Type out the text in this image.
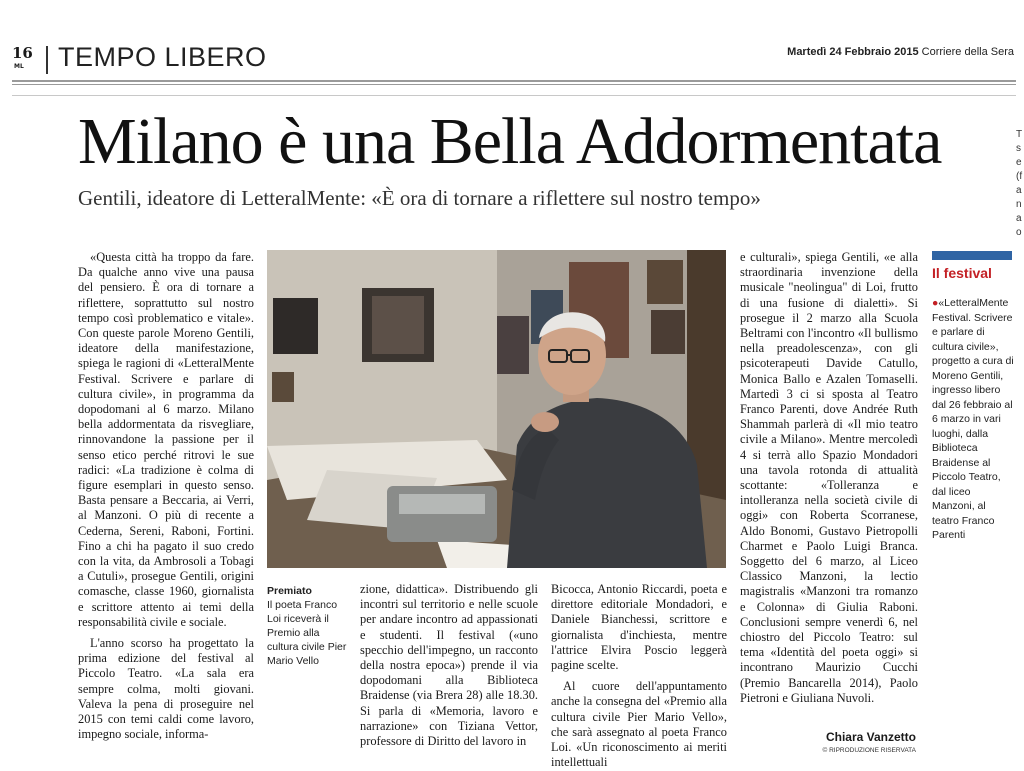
16
ML TEMPO LIBERO	Martedì 24 Febbraio 2015 Corriere della Sera
Milano è una Bella Addormentata
Gentili, ideatore di LetteralMente: «È ora di tornare a riflettere sul nostro tempo»

«Questa città ha troppo da fare. Da qualche anno vive una pausa del pensiero. È ora di tornare a riflettere, soprattutto sul nostro tempo così problematico e vitale». Con queste parole Moreno Gentili, ideatore della manifestazione, spiega le ragioni di «LetteralMente Festival. Scrivere e parlare di cultura civile», in programma da dopodomani al 6 marzo. Milano bella addormentata da risvegliare, rinnovandone la passione per il senso etico perché ritrovi le sue radici: «La tradizione è colma di figure esemplari in questo senso. Basta pensare a Beccaria, ai Verri, al Manzoni. O più di recente a Cederna, Sereni, Raboni, Fortini. Fino a chi ha pagato il suo credo con la vita, da Ambrosoli a Tobagi a Cutuli», prosegue Gentili, origini comasche, classe 1960, giornalista e scrittore attento ai temi della responsabilità civile e sociale.

L'anno scorso ha progettato la prima edizione del festival al Piccolo Teatro. «La sala era sempre colma, molti giovani. Valeva la pena di proseguire nel 2015 con temi caldi come lavoro, impegno sociale, informa-

Premiato
Il poeta Franco Loi riceverà il Premio alla cultura civile Pier Mario Vello

zione, didattica». Distribuendo gli incontri sul territorio e nelle scuole per andare incontro ad appassionati e studenti. Il festival («uno specchio dell'impegno, un racconto della nostra epoca») prende il via dopodomani alla Biblioteca Braidense (via Brera 28) alle 18.30. Si parla di «Memoria, lavoro e narrazione» con Tiziana Vettor, professore di Diritto del lavoro in

Bicocca, Antonio Riccardi, poeta e direttore editoriale Mondadori, e Daniele Bianchessi, scrittore e giornalista d'inchiesta, mentre l'attrice Elvira Poscio leggerà pagine scelte.

Al cuore dell'appuntamento anche la consegna del «Premio alla cultura civile Pier Mario Vello», che sarà assegnato al poeta Franco Loi. «Un riconoscimento ai meriti intellettuali

e culturali», spiega Gentili, «e alla straordinaria invenzione della musicale "neolingua" di Loi, frutto di una fusione di dialetti». Si prosegue il 2 marzo alla Scuola Beltrami con l'incontro «Il bullismo nella preadolescenza», con gli psicoterapeuti Davide Catullo, Monica Ballo e Azalen Tomaselli. Martedì 3 ci si sposta al Teatro Franco Parenti, dove Andrée Ruth Shammah parlerà di «Il mio teatro civile a Milano». Mentre mercoledì 4 si terrà allo Spazio Mondadori una tavola rotonda di attualità scottante: «Tolleranza e intolleranza nella società civile di oggi» con Roberta Scorranese, Aldo Bonomi, Gustavo Pietropolli Charmet e Paolo Luigi Branca. Soggetto del 6 marzo, al Liceo Classico Manzoni, la lectio magistralis «Manzoni tra romanzo e Colonna» di Giulia Raboni. Conclusioni sempre venerdì 6, nel chiostro del Piccolo Teatro: sul tema «Identità del poeta oggi» si incontrano Maurizio Cucchi (Premio Bancarella 2014), Paolo Pietroni e Giuliana Nuvoli.

Chiara Vanzetto
© RIPRODUZIONE RISERVATA
Il festival
●«LetteralMente Festival. Scrivere e parlare di cultura civile», progetto a cura di Moreno Gentili, ingresso libero dal 26 febbraio al 6 marzo in vari luoghi, dalla Biblioteca Braidense al Piccolo Teatro, dal liceo Manzoni, al teatro Franco Parenti
T s e (f a n a o
